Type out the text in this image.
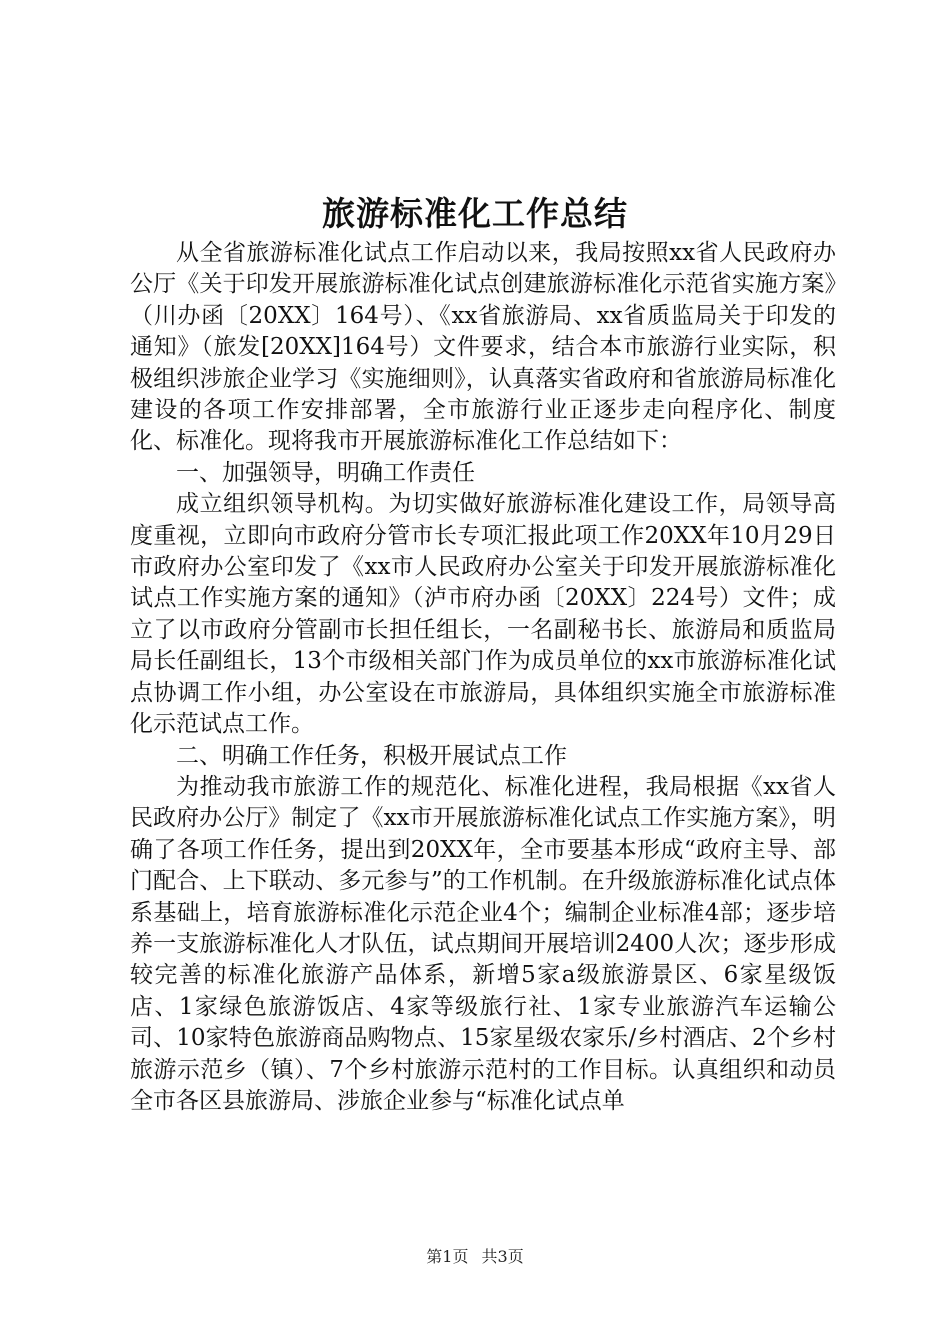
旅游标准化工作总结

从全省旅游标准化试点工作启动以来，我局按照xx省人民政府办公厅《关于印发开展旅游标准化试点创建旅游标准化示范省实施方案》（川办函〔20XX〕164号）、《xx省旅游局、xx省质监局关于印发的通知》（旅发[20XX]164号）文件要求，结合本市旅游行业实际，积极组织涉旅企业学习《实施细则》，认真落实省政府和省旅游局标准化建设的各项工作安排部署，全市旅游行业正逐步走向程序化、制度化、标准化。现将我市开展旅游标准化工作总结如下：

一、加强领导，明确工作责任

成立组织领导机构。为切实做好旅游标准化建设工作，局领导高度重视，立即向市政府分管市长专项汇报此项工作20XX年10月29日市政府办公室印发了《xx市人民政府办公室关于印发开展旅游标准化试点工作实施方案的通知》（泸市府办函〔20XX〕224号）文件；成立了以市政府分管副市长担任组长，一名副秘书长、旅游局和质监局局长任副组长，13个市级相关部门作为成员单位的xx市旅游标准化试点协调工作小组，办公室设在市旅游局，具体组织实施全市旅游标准化示范试点工作。

二、明确工作任务，积极开展试点工作

为推动我市旅游工作的规范化、标准化进程，我局根据《xx省人民政府办公厅》制定了《xx市开展旅游标准化试点工作实施方案》，明确了各项工作任务，提出到20XX年，全市要基本形成“政府主导、部门配合、上下联动、多元参与”的工作机制。在升级旅游标准化试点体系基础上，培育旅游标准化示范企业4个；编制企业标准4部；逐步培养一支旅游标准化人才队伍，试点期间开展培训2400人次；逐步形成较完善的标准化旅游产品体系，新增5家a级旅游景区、6家星级饭店、1家绿色旅游饭店、4家等级旅行社、1家专业旅游汽车运输公司、10家特色旅游商品购物点、15家星级农家乐/乡村酒店、2个乡村旅游示范乡（镇）、7个乡村旅游示范村的工作目标。认真组织和动员全市各区县旅游局、涉旅企业参与“标准化试点单

第1页 共3页
